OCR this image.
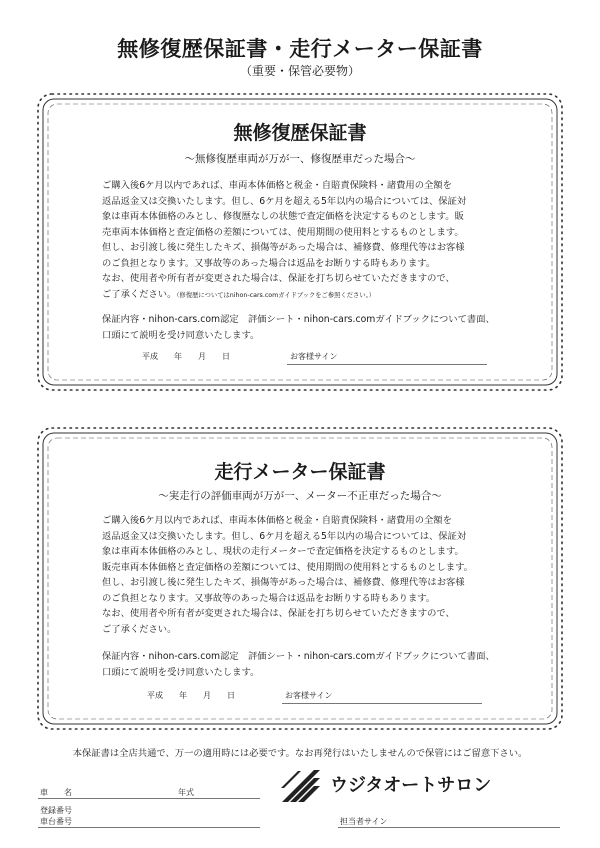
無修復歴保証書・走行メーター保証書
（重要・保管必要物）
無修復歴保証書
〜無修復歴車両が万が一、修復歴車だった場合〜

ご購入後6ケ月以内であれば、車両本体価格と税金・自賠責保険料・諸費用の全額を

返品返金又は交換いたします。但し、6ケ月を超える5年以内の場合については、保証対

象は車両本体価格のみとし、修復歴なしの状態で査定価格を決定するものとします。販

売車両本体価格と査定価格の差額については、使用期間の使用料とするものとします。

但し、お引渡し後に発生したキズ、損傷等があった場合は、補修費、修理代等はお客様

のご負担となります。又事故等のあった場合は返品をお断りする時もあります。

なお、使用者や所有者が変更された場合は、保証を打ち切らせていただきますので、

ご了承ください。（修復歴についてはnihon-cars.comガイドブックをご参照ください。）

保証内容・nihon-cars.com認定　評価シート・nihon-cars.comガイドブックについて書面、

口頭にて説明を受け同意いたします。

平成　　年　　月　　日	お客様サイン
走行メーター保証書
〜実走行の評価車両が万が一、メーター不正車だった場合〜

ご購入後6ケ月以内であれば、車両本体価格と税金・自賠責保険料・諸費用の全額を

返品返金又は交換いたします。但し、6ケ月を超える5年以内の場合については、保証対

象は車両本体価格のみとし、現状の走行メーターで査定価格を決定するものとします。

販売車両本体価格と査定価格の差額については、使用期間の使用料とするものとします。

但し、お引渡し後に発生したキズ、損傷等があった場合は、補修費、修理代等はお客様

のご負担となります。又事故等のあった場合は返品をお断りする時もあります。

なお、使用者や所有者が変更された場合は、保証を打ち切らせていただきますので、

ご了承ください。

保証内容・nihon-cars.com認定　評価シート・nihon-cars.comガイドブックについて書面、

口頭にて説明を受け同意いたします。

平成　　年　　月　　日	お客様サイン
本保証書は全店共通で、万一の適用時には必要です。なお再発行はいたしませんので保管にはご留意下さい。
車　　名	年式
登録番号
車台番号
ウジタオートサロン
担当者サイン
